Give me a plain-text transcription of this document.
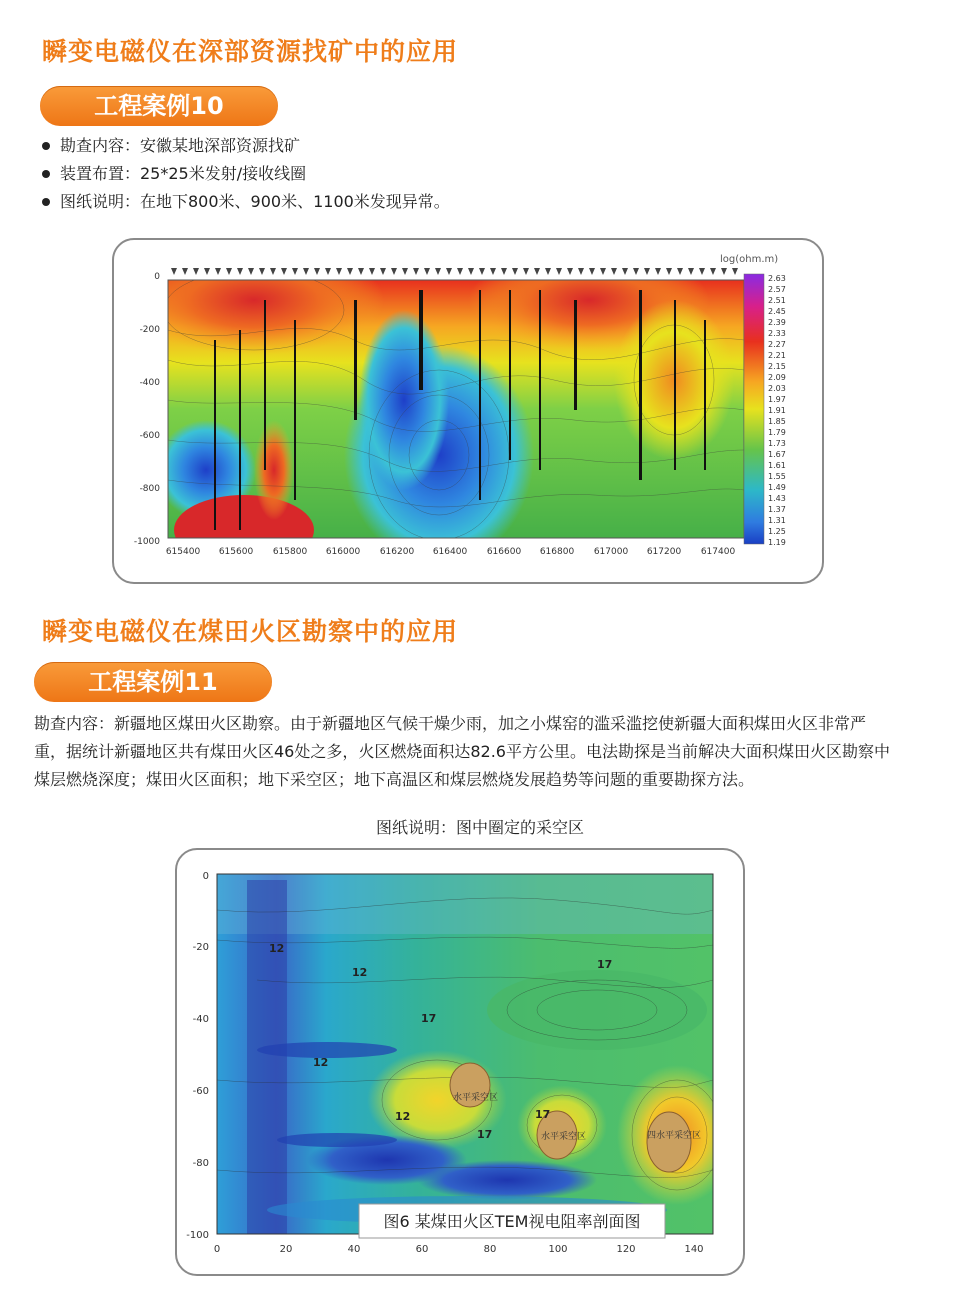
瞬变电磁仪在深部资源找矿中的应用
工程案例10
勘查内容：安徽某地深部资源找矿
装置布置：25*25米发射/接收线圈
图纸说明：在地下800米、900米、1100米发现异常。
0
-200
-400
-600
-800
-1000
615400 615600 615800 616000 616200 616400 616600 616800 617000 617200 617400
log(ohm.m)
2.63
2.57
2.51
2.45
2.39
2.33
2.27
2.21
2.15
2.09
2.03
1.97
1.91
1.85
1.79
1.73
1.67
1.61
1.55
1.49
1.43
1.37
1.31
1.25
1.19
瞬变电磁仪在煤田火区勘察中的应用
工程案例11
勘查内容：新疆地区煤田火区勘察。由于新疆地区气候干燥少雨，加之小煤窑的滥采滥挖使新疆大面积煤田火区非常严重，据统计新疆地区共有煤田火区46处之多，火区燃烧面积达82.6平方公里。电法勘探是当前解决大面积煤田火区勘察中煤层燃烧深度；煤田火区面积；地下采空区；地下高温区和煤层燃烧发展趋势等问题的重要勘探方法。
图纸说明：图中圈定的采空区
12
12
12
17
17
12
17
17
水平采空区
水平采空区	四水平采空区
0
-20
-40
-60
-80
-100
0	20	40	60	80	100	120	140
图6 某煤田火区TEM视电阻率剖面图
